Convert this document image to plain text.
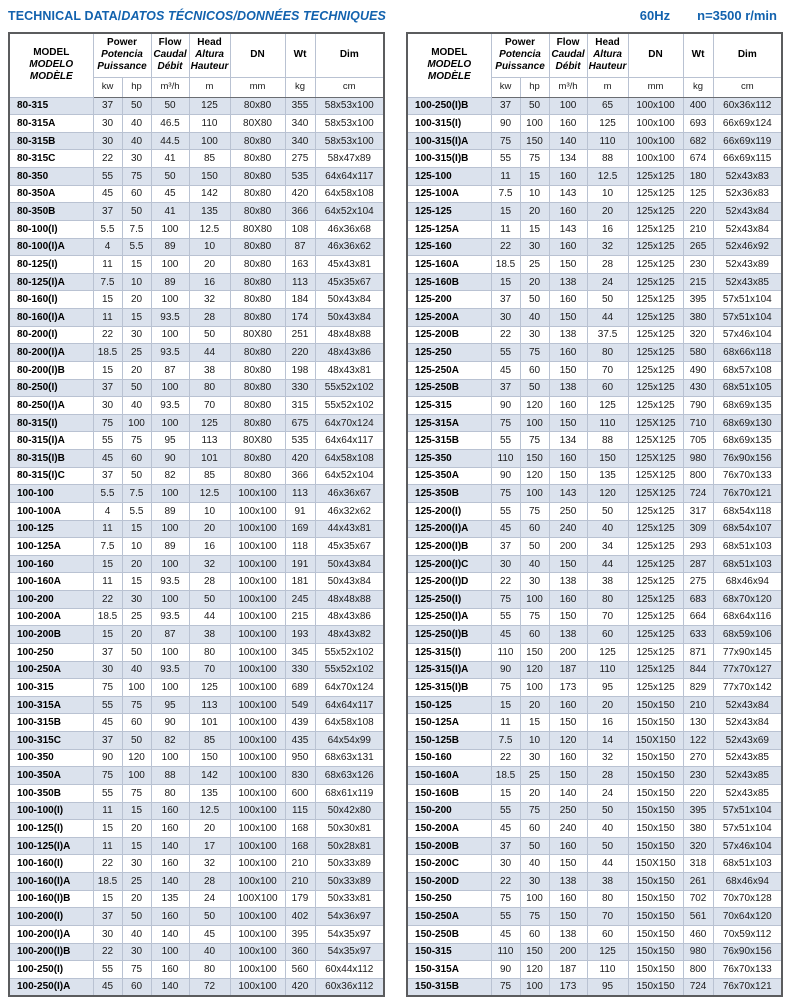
TECHNICAL DATA/DATOS TÉCNICOS/DONNÉES TECHNIQUES	60Hz n=3500 r/min
MODEL
MODELO
MODÈLE	Power
Potencia
Puissance		Flow
Caudal
Débit	Head
Altura
Hauteur	DN	Wt	Dim
	kw	hp	m³/h	m	mm	kg	cm
80-315	37	50	50	125	80x80	355	58x53x100
80-315A	30	40	46.5	110	80X80	340	58x53x100
80-315B	30	40	44.5	100	80x80	340	58x53x100
80-315C	22	30	41	85	80x80	275	58x47x89
80-350	55	75	50	150	80x80	535	64x64x117
80-350A	45	60	45	142	80x80	420	64x58x108
80-350B	37	50	41	135	80x80	366	64x52x104
80-100(I)	5.5	7.5	100	12.5	80X80	108	46x36x68
80-100(I)A	4	5.5	89	10	80x80	87	46x36x62
80-125(I)	11	15	100	20	80x80	163	45x43x81
80-125(I)A	7.5	10	89	16	80x80	113	45x35x67
80-160(I)	15	20	100	32	80x80	184	50x43x84
80-160(I)A	11	15	93.5	28	80x80	174	50x43x84
80-200(I)	22	30	100	50	80X80	251	48x48x88
80-200(I)A	18.5	25	93.5	44	80x80	220	48x43x86
80-200(I)B	15	20	87	38	80x80	198	48x43x81
80-250(I)	37	50	100	80	80x80	330	55x52x102
80-250(I)A	30	40	93.5	70	80x80	315	55x52x102
80-315(I)	75	100	100	125	80x80	675	64x70x124
80-315(I)A	55	75	95	113	80X80	535	64x64x117
80-315(I)B	45	60	90	101	80x80	420	64x58x108
80-315(I)C	37	50	82	85	80x80	366	64x52x104
100-100	5.5	7.5	100	12.5	100x100	113	46x36x67
100-100A	4	5.5	89	10	100x100	91	46x32x62
100-125	11	15	100	20	100x100	169	44x43x81
100-125A	7.5	10	89	16	100x100	118	45x35x67
100-160	15	20	100	32	100x100	191	50x43x84
100-160A	11	15	93.5	28	100x100	181	50x43x84
100-200	22	30	100	50	100x100	245	48x48x88
100-200A	18.5	25	93.5	44	100x100	215	48x43x86
100-200B	15	20	87	38	100x100	193	48x43x82
100-250	37	50	100	80	100x100	345	55x52x102
100-250A	30	40	93.5	70	100x100	330	55x52x102
100-315	75	100	100	125	100x100	689	64x70x124
100-315A	55	75	95	113	100x100	549	64x64x117
100-315B	45	60	90	101	100x100	439	64x58x108
100-315C	37	50	82	85	100x100	435	64x54x99
100-350	90	120	100	150	100x100	950	68x63x131
100-350A	75	100	88	142	100x100	830	68x63x126
100-350B	55	75	80	135	100x100	600	68x61x119
100-100(I)	11	15	160	12.5	100x100	115	50x42x80
100-125(I)	15	20	160	20	100x100	168	50x30x81
100-125(I)A	11	15	140	17	100x100	168	50x28x81
100-160(I)	22	30	160	32	100x100	210	50x33x89
100-160(I)A	18.5	25	140	28	100x100	210	50x33x89
100-160(I)B	15	20	135	24	100X100	179	50x33x81
100-200(I)	37	50	160	50	100x100	402	54x36x97
100-200(I)A	30	40	140	45	100x100	395	54x35x97
100-200(I)B	22	30	100	40	100x100	360	54x35x97
100-250(I)	55	75	160	80	100x100	560	60x44x112
100-250(I)A	45	60	140	72	100x100	420	60x36x112
MODEL
MODELO
MODÈLE	Power
Potencia
Puissance		Flow
Caudal
Débit	Head
Altura
Hauteur	DN	Wt	Dim
	kw	hp	m³/h	m	mm	kg	cm
100-250(I)B	37	50	100	65	100x100	400	60x36x112
100-315(I)	90	100	160	125	100x100	693	66x69x124
100-315(I)A	75	150	140	110	100x100	682	66x69x119
100-315(I)B	55	75	134	88	100x100	674	66x69x115
125-100	11	15	160	12.5	125x125	180	52x43x83
125-100A	7.5	10	143	10	125x125	125	52x36x83
125-125	15	20	160	20	125x125	220	52x43x84
125-125A	11	15	143	16	125x125	210	52x43x84
125-160	22	30	160	32	125x125	265	52x46x92
125-160A	18.5	25	150	28	125x125	230	52x43x89
125-160B	15	20	138	24	125x125	215	52x43x85
125-200	37	50	160	50	125x125	395	57x51x104
125-200A	30	40	150	44	125x125	380	57x51x104
125-200B	22	30	138	37.5	125x125	320	57x46x104
125-250	55	75	160	80	125x125	580	68x66x118
125-250A	45	60	150	70	125x125	490	68x57x108
125-250B	37	50	138	60	125x125	430	68x51x105
125-315	90	120	160	125	125x125	790	68x69x135
125-315A	75	100	150	110	125X125	710	68x69x130
125-315B	55	75	134	88	125X125	705	68x69x135
125-350	110	150	160	150	125X125	980	76x90x156
125-350A	90	120	150	135	125X125	800	76x70x133
125-350B	75	100	143	120	125X125	724	76x70x121
125-200(I)	55	75	250	50	125x125	317	68x54x118
125-200(I)A	45	60	240	40	125x125	309	68x54x107
125-200(I)B	37	50	200	34	125x125	293	68x51x103
125-200(I)C	30	40	150	44	125x125	287	68x51x103
125-200(I)D	22	30	138	38	125x125	275	68x46x94
125-250(I)	75	100	160	80	125x125	683	68x70x120
125-250(I)A	55	75	150	70	125x125	664	68x64x116
125-250(I)B	45	60	138	60	125x125	633	68x59x106
125-315(I)	110	150	200	125	125x125	871	77x90x145
125-315(I)A	90	120	187	110	125x125	844	77x70x127
125-315(I)B	75	100	173	95	125x125	829	77x70x142
150-125	15	20	160	20	150x150	210	52x43x84
150-125A	11	15	150	16	150x150	130	52x43x84
150-125B	7.5	10	120	14	150X150	122	52x43x69
150-160	22	30	160	32	150x150	270	52x43x85
150-160A	18.5	25	150	28	150x150	230	52x43x85
150-160B	15	20	140	24	150x150	220	52x43x85
150-200	55	75	250	50	150x150	395	57x51x104
150-200A	45	60	240	40	150x150	380	57x51x104
150-200B	37	50	160	50	150x150	320	57x46x104
150-200C	30	40	150	44	150X150	318	68x51x103
150-200D	22	30	138	38	150x150	261	68x46x94
150-250	75	100	160	80	150x150	702	70x70x128
150-250A	55	75	150	70	150x150	561	70x64x120
150-250B	45	60	138	60	150x150	460	70x59x112
150-315	110	150	200	125	150x150	980	76x90x156
150-315A	90	120	187	110	150x150	800	76x70x133
150-315B	75	100	173	95	150x150	724	76x70x121
